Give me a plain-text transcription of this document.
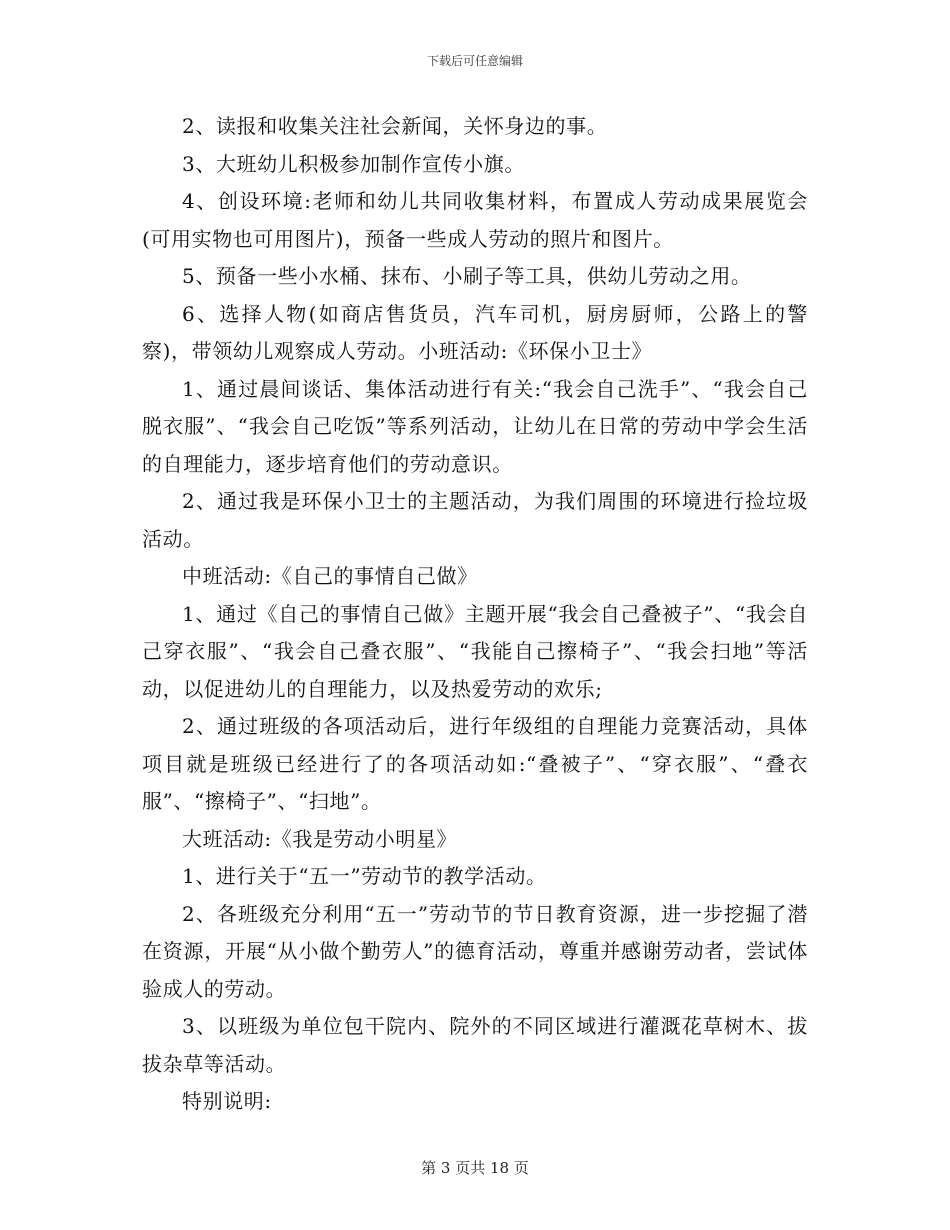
下载后可任意编辑

2、读报和收集关注社会新闻，关怀身边的事。

3、大班幼儿积极参加制作宣传小旗。

4、创设环境:老师和幼儿共同收集材料，布置成人劳动成果展览会(可用实物也可用图片)，预备一些成人劳动的照片和图片。

5、预备一些小水桶、抹布、小刷子等工具，供幼儿劳动之用。

6、选择人物(如商店售货员，汽车司机，厨房厨师，公路上的警察)，带领幼儿观察成人劳动。小班活动:《环保小卫士》

1、通过晨间谈话、集体活动进行有关:“我会自己洗手”、“我会自己脱衣服”、“我会自己吃饭”等系列活动，让幼儿在日常的劳动中学会生活的自理能力，逐步培育他们的劳动意识。

2、通过我是环保小卫士的主题活动，为我们周围的环境进行捡垃圾活动。

中班活动:《自己的事情自己做》

1、通过《自己的事情自己做》主题开展“我会自己叠被子”、“我会自己穿衣服”、“我会自己叠衣服”、“我能自己擦椅子”、“我会扫地”等活动，以促进幼儿的自理能力，以及热爱劳动的欢乐;

2、通过班级的各项活动后，进行年级组的自理能力竞赛活动，具体项目就是班级已经进行了的各项活动如:“叠被子”、“穿衣服”、“叠衣服”、“擦椅子”、“扫地”。

大班活动:《我是劳动小明星》

1、进行关于“五一”劳动节的教学活动。

2、各班级充分利用“五一”劳动节的节日教育资源，进一步挖掘了潜在资源，开展“从小做个勤劳人”的德育活动，尊重并感谢劳动者，尝试体验成人的劳动。

3、以班级为单位包干院内、院外的不同区域进行灌溉花草树木、拔拔杂草等活动。

特别说明:

第 3 页共 18 页
